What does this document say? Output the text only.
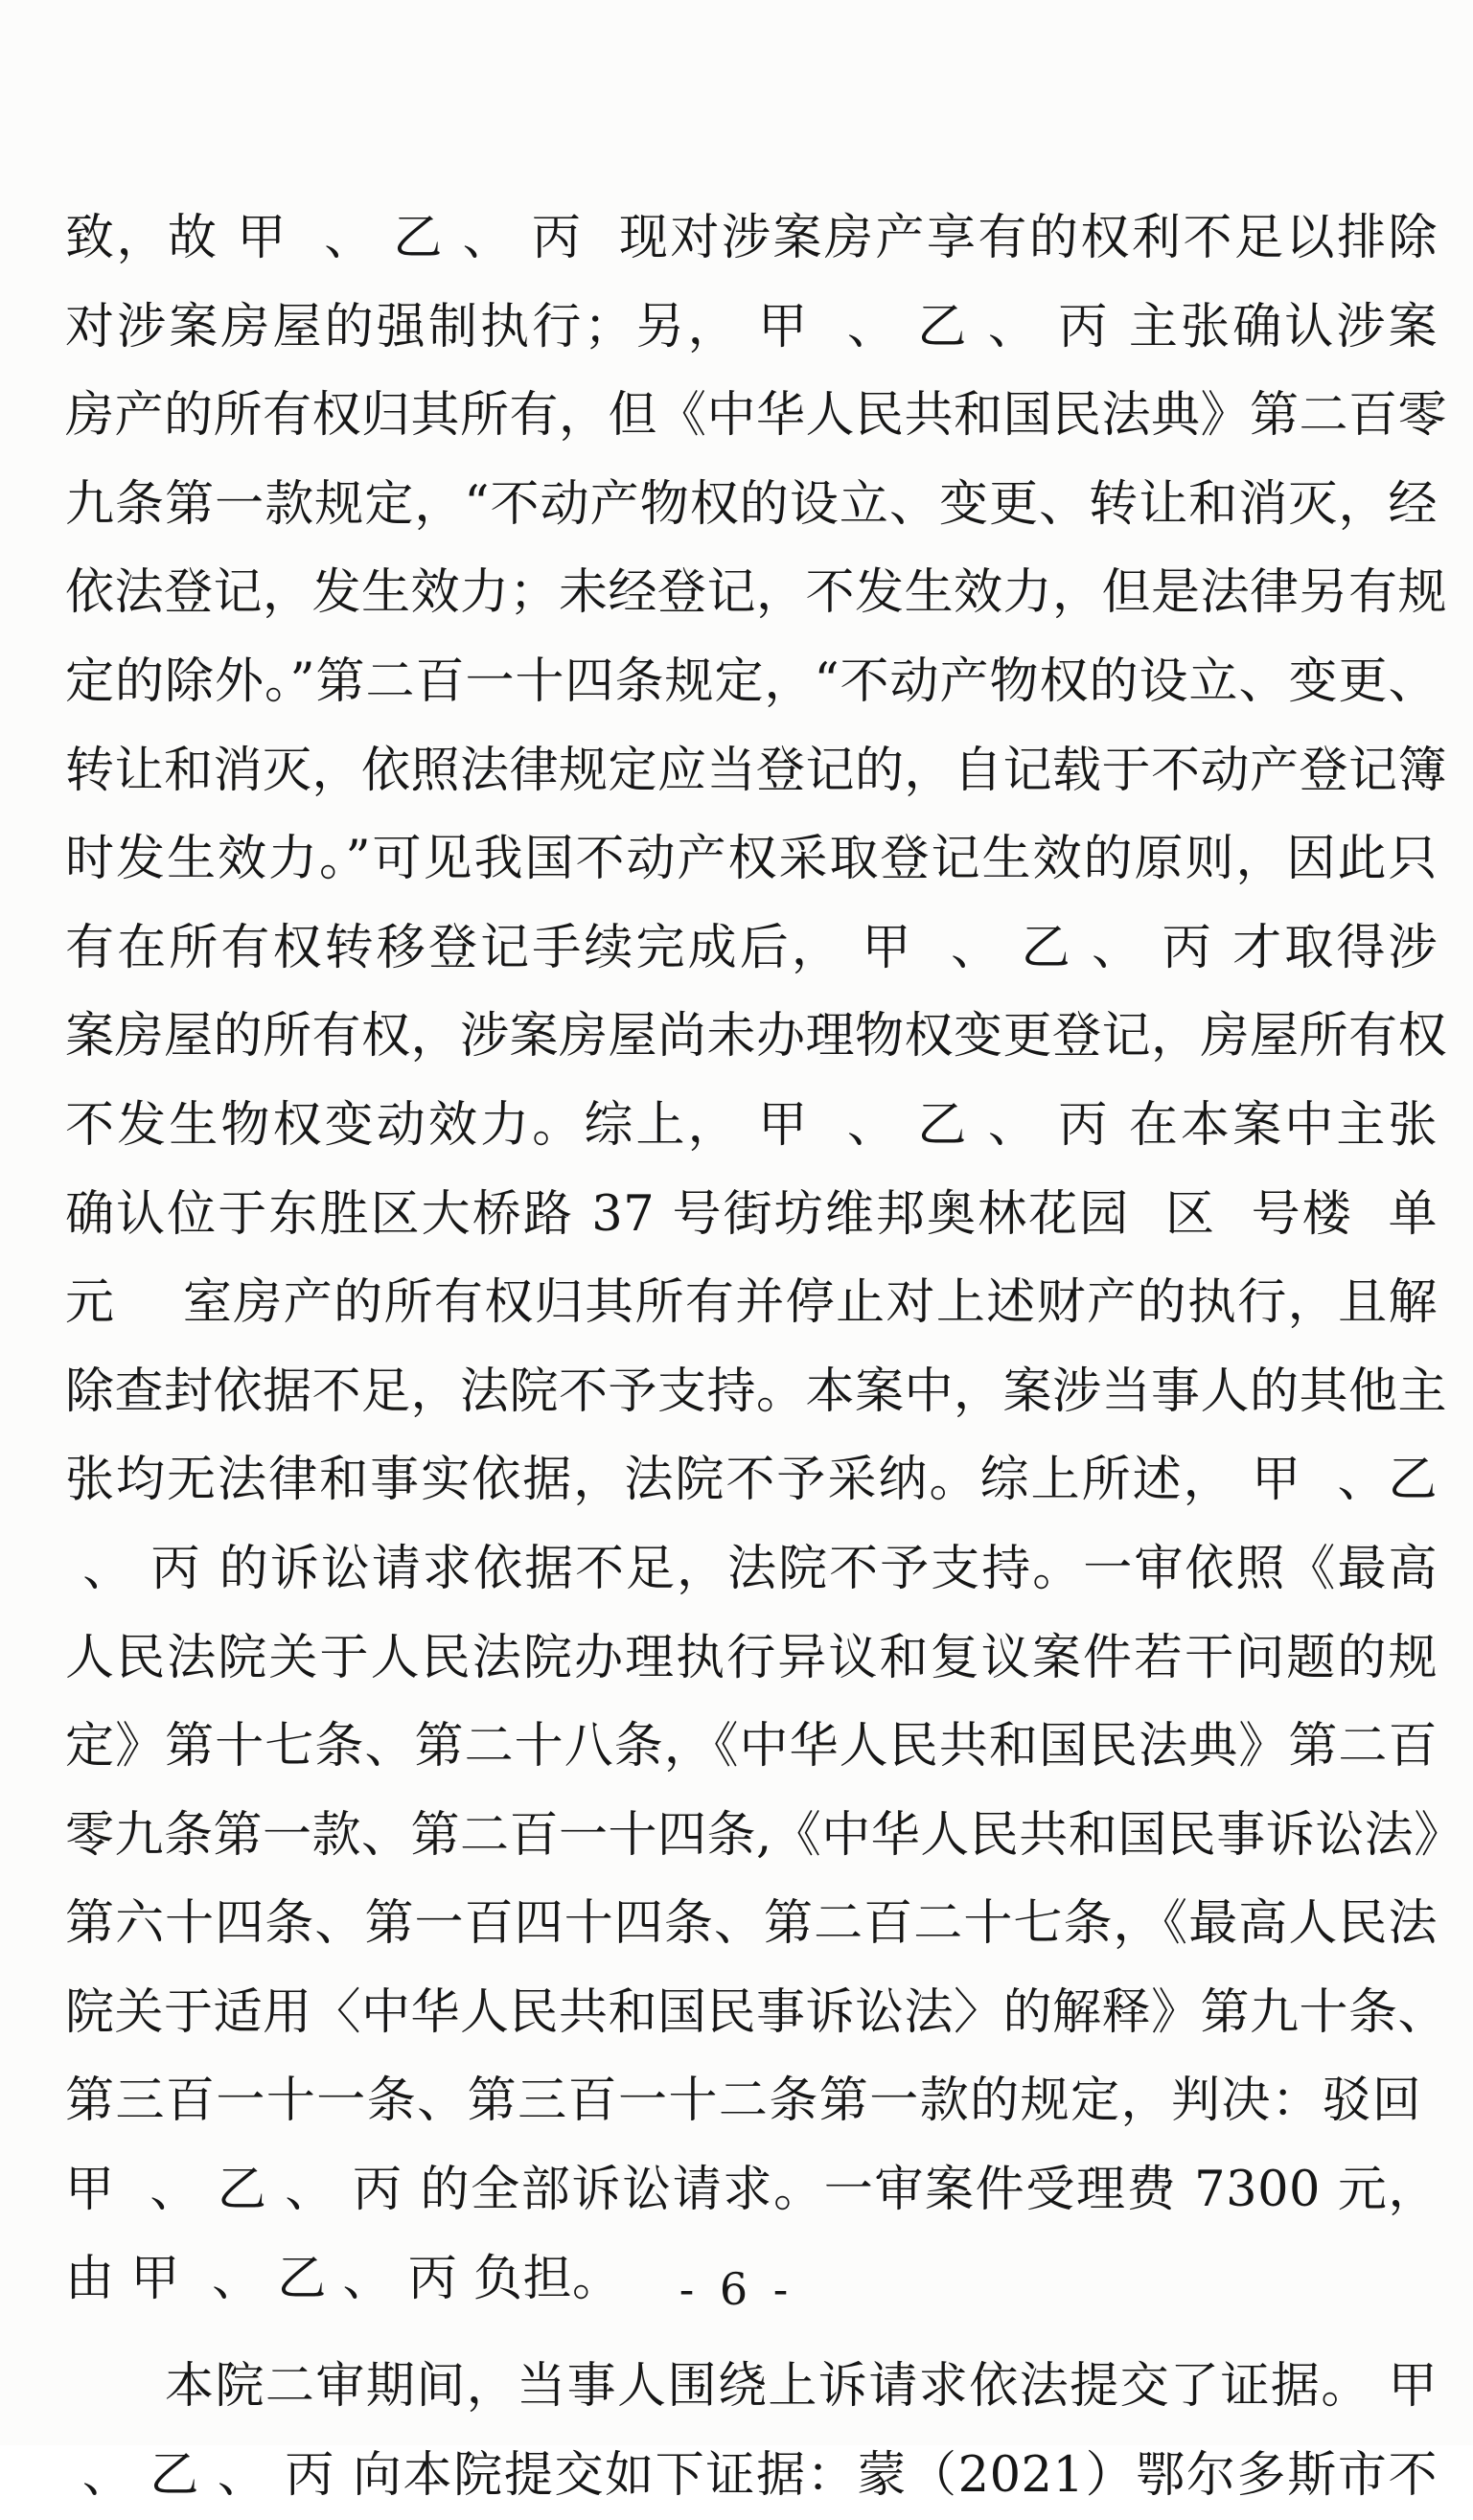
致，故 甲  、 乙 、 丙  现对涉案房产享有的权利不足以排除
对涉案房屋的强制执行；另， 甲  、 乙 、 丙 主张确认涉案
房产的所有权归其所有，但《中华人民共和国民法典》第二百零
九条第一款规定，“不动产物权的设立、变更、转让和消灭，经
依法登记，发生效力；未经登记，不发生效力，但是法律另有规
定的除外。”第二百一十四条规定，“不动产物权的设立、变更、
转让和消灭，依照法律规定应当登记的，自记载于不动产登记簿
时发生效力。”可见我国不动产权采取登记生效的原则，因此只
有在所有权转移登记手续完成后， 甲  、 乙 、 丙 才取得涉
案房屋的所有权，涉案房屋尚未办理物权变更登记，房屋所有权
不发生物权变动效力。综上， 甲  、 乙 、 丙 在本案中主张
确认位于东胜区大桥路 37 号街坊维邦奥林花园  区  号楼  单
元    室房产的所有权归其所有并停止对上述财产的执行，且解
除查封依据不足，法院不予支持。本案中，案涉当事人的其他主
张均无法律和事实依据，法院不予采纳。综上所述， 甲  、乙
、 丙 的诉讼请求依据不足，法院不予支持。一审依照《最高
人民法院关于人民法院办理执行异议和复议案件若干问题的规
定》第十七条、第二十八条，《中华人民共和国民法典》第二百
零九条第一款、第二百一十四条,《中华人民共和国民事诉讼法》
第六十四条、第一百四十四条、第二百二十七条，《最高人民法
院关于适用〈中华人民共和国民事诉讼法〉的解释》第九十条、
第三百一十一条、第三百一十二条第一款的规定，判决：驳回
甲  、 乙 、 丙 的全部诉讼请求。一审案件受理费 7300 元，
由 甲  、 乙 、 丙 负担。
本院二审期间，当事人围绕上诉请求依法提交了证据。 甲
、 乙 、 丙 向本院提交如下证据：蒙（2021）鄂尔多斯市不
- 6 -
